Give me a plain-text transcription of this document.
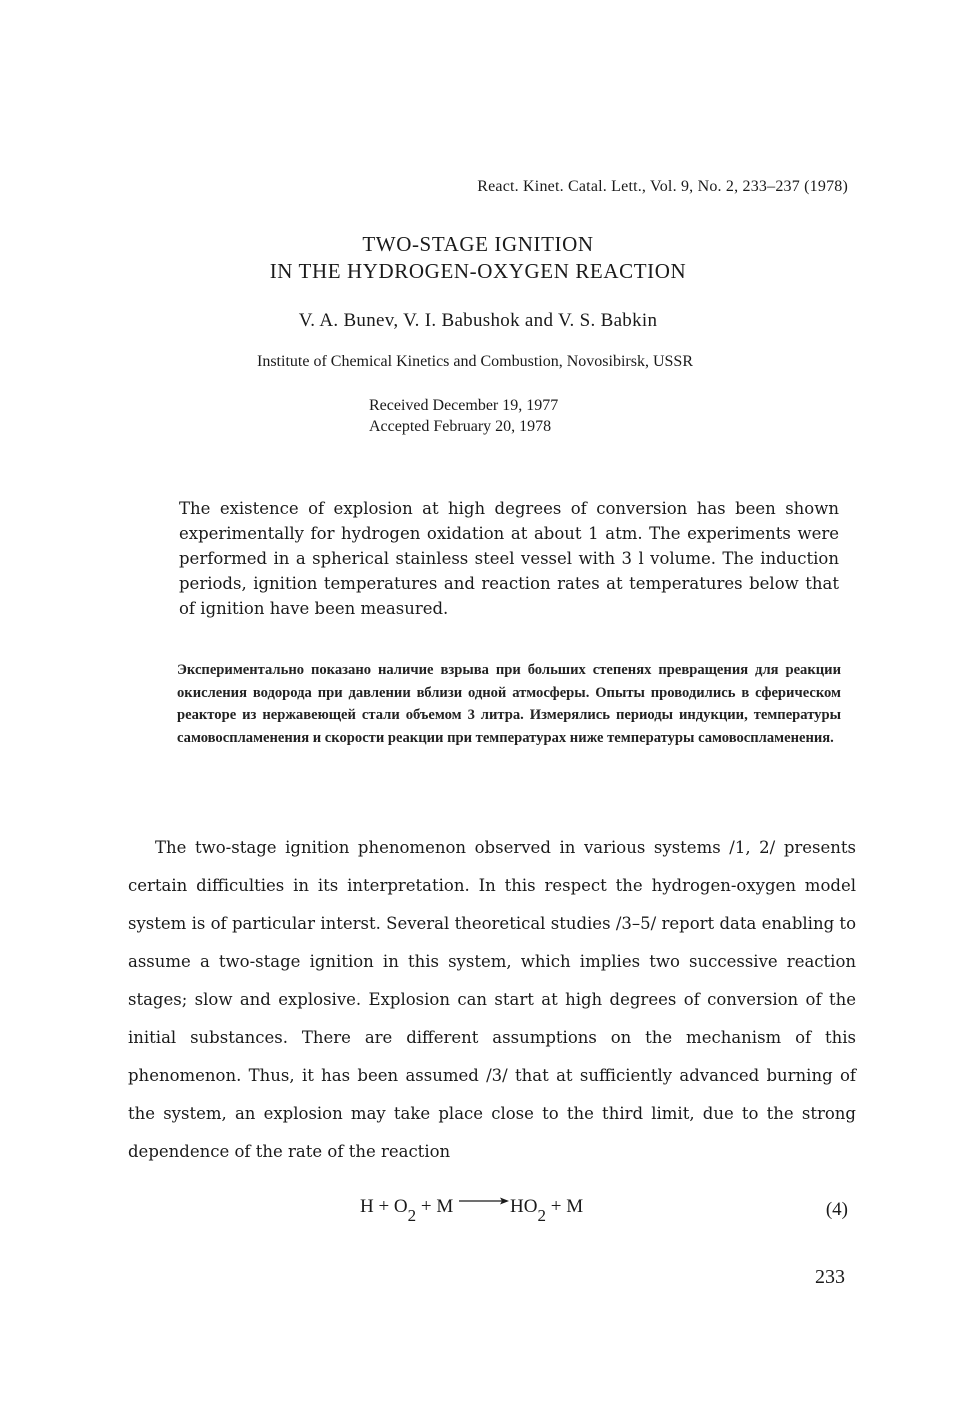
React. Kinet. Catal. Lett., Vol. 9, No. 2, 233–237 (1978)
TWO-STAGE IGNITION
IN THE HYDROGEN-OXYGEN REACTION
V. A. Bunev, V. I. Babushok and V. S. Babkin
Institute of Chemical Kinetics and Combustion, Novosibirsk, USSR
Received December 19, 1977
Accepted February 20, 1978
The existence of explosion at high degrees of conversion has been shown experimentally for hydrogen oxidation at about 1 atm. The experiments were performed in a spherical stainless steel vessel with 3 l volume. The induction periods, ignition temperatures and reaction rates at temperatures below that of ignition have been measured.
Экспериментально показано наличие взрыва при больших степенях превращения для реакции окисления водорода при давлении вблизи одной атмосферы. Опыты проводились в сферическом реакторе из нержавеющей стали объемом 3 литра. Измерялись периоды индукции, температуры самовоспламенения и скорости реакции при температурах ниже температуры самовоспламенения.
The two-stage ignition phenomenon observed in various systems /1, 2/ presents certain difficulties in its interpretation. In this respect the hydrogen-oxygen model system is of particular interst. Several theoretical studies /3–5/ report data enabling to assume a two-stage ignition in this system, which implies two successive reaction stages; slow and explosive. Explosion can start at high degrees of conversion of the initial substances. There are different assumptions on the mechanism of this phenomenon. Thus, it has been assumed /3/ that at sufficiently advanced burning of the system, an explosion may take place close to the third limit, due to the strong dependence of the rate of the reaction
$H + O_2 + M \to HO_2 + M$	(4)
233
